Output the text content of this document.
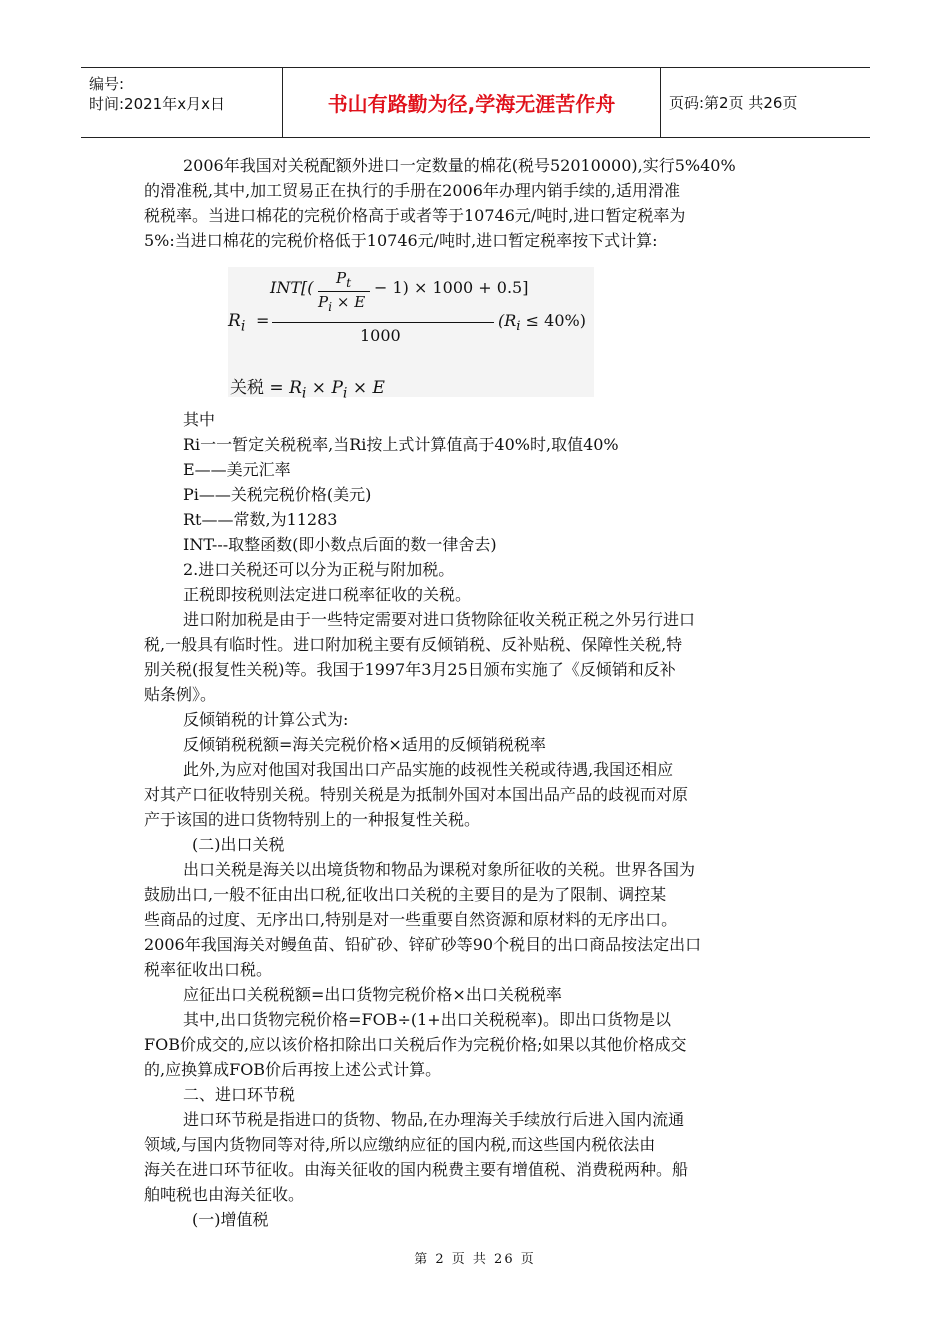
编号:
时间:2021年x月x日	书山有路勤为径,学海无涯苦作舟	页码:第2页 共26页
2006年我国对关税配额外进口一定数量的棉花(税号52010000),实行5%40%
的滑准税,其中,加工贸易正在执行的手册在2006年办理内销手续的,适用滑准
税税率。当进口棉花的完税价格高于或者等于10746元/吨时,进口暂定税率为
5%:当进口棉花的完税价格低于10746元/吨时,进口暂定税率按下式计算:
其中
Ri一一暂定关税税率,当Ri按上式计算值高于40%时,取值40%
E——美元汇率
Pi——关税完税价格(美元)
Rt——常数,为11283
INT---取整函数(即小数点后面的数一律舍去)
2.进口关税还可以分为正税与附加税。
正税即按税则法定进口税率征收的关税。
进口附加税是由于一些特定需要对进口货物除征收关税正税之外另行进口
税,一般具有临时性。进口附加税主要有反倾销税、反补贴税、保障性关税,特
别关税(报复性关税)等。我国于1997年3月25日颁布实施了《反倾销和反补
贴条例》。
反倾销税的计算公式为:
反倾销税税额=海关完税价格×适用的反倾销税税率
此外,为应对他国对我国出口产品实施的歧视性关税或待遇,我国还相应
对其产口征收特别关税。特别关税是为抵制外国对本国出品产品的歧视而对原
产于该国的进口货物特别上的一种报复性关税。
(二)出口关税
出口关税是海关以出境货物和物品为课税对象所征收的关税。世界各国为
鼓励出口,一般不征由出口税,征收出口关税的主要目的是为了限制、调控某
些商品的过度、无序出口,特别是对一些重要自然资源和原材料的无序出口。
2006年我国海关对鳗鱼苗、铅矿砂、锌矿砂等90个税目的出口商品按法定出口
税率征收出口税。
应征出口关税税额=出口货物完税价格×出口关税税率
其中,出口货物完税价格=FOB÷(1+出口关税税率)。即出口货物是以
FOB价成交的,应以该价格扣除出口关税后作为完税价格;如果以其他价格成交
的,应换算成FOB价后再按上述公式计算。
二、进口环节税
进口环节税是指进口的货物、物品,在办理海关手续放行后进入国内流通
领域,与国内货物同等对待,所以应缴纳应征的国内税,而这些国内税依法由
海关在进口环节征收。由海关征收的国内税费主要有增值税、消费税两种。船
舶吨税也由海关征收。
(一)增值税
INT[( $P_t$
$P_i \times E$
− 1) × 1000 + 0.5]
$R_i$ =
1000
$(R_i \le 40\%)$
关税 = $R_i \times P_i \times E$
第 2 页 共 26 页
